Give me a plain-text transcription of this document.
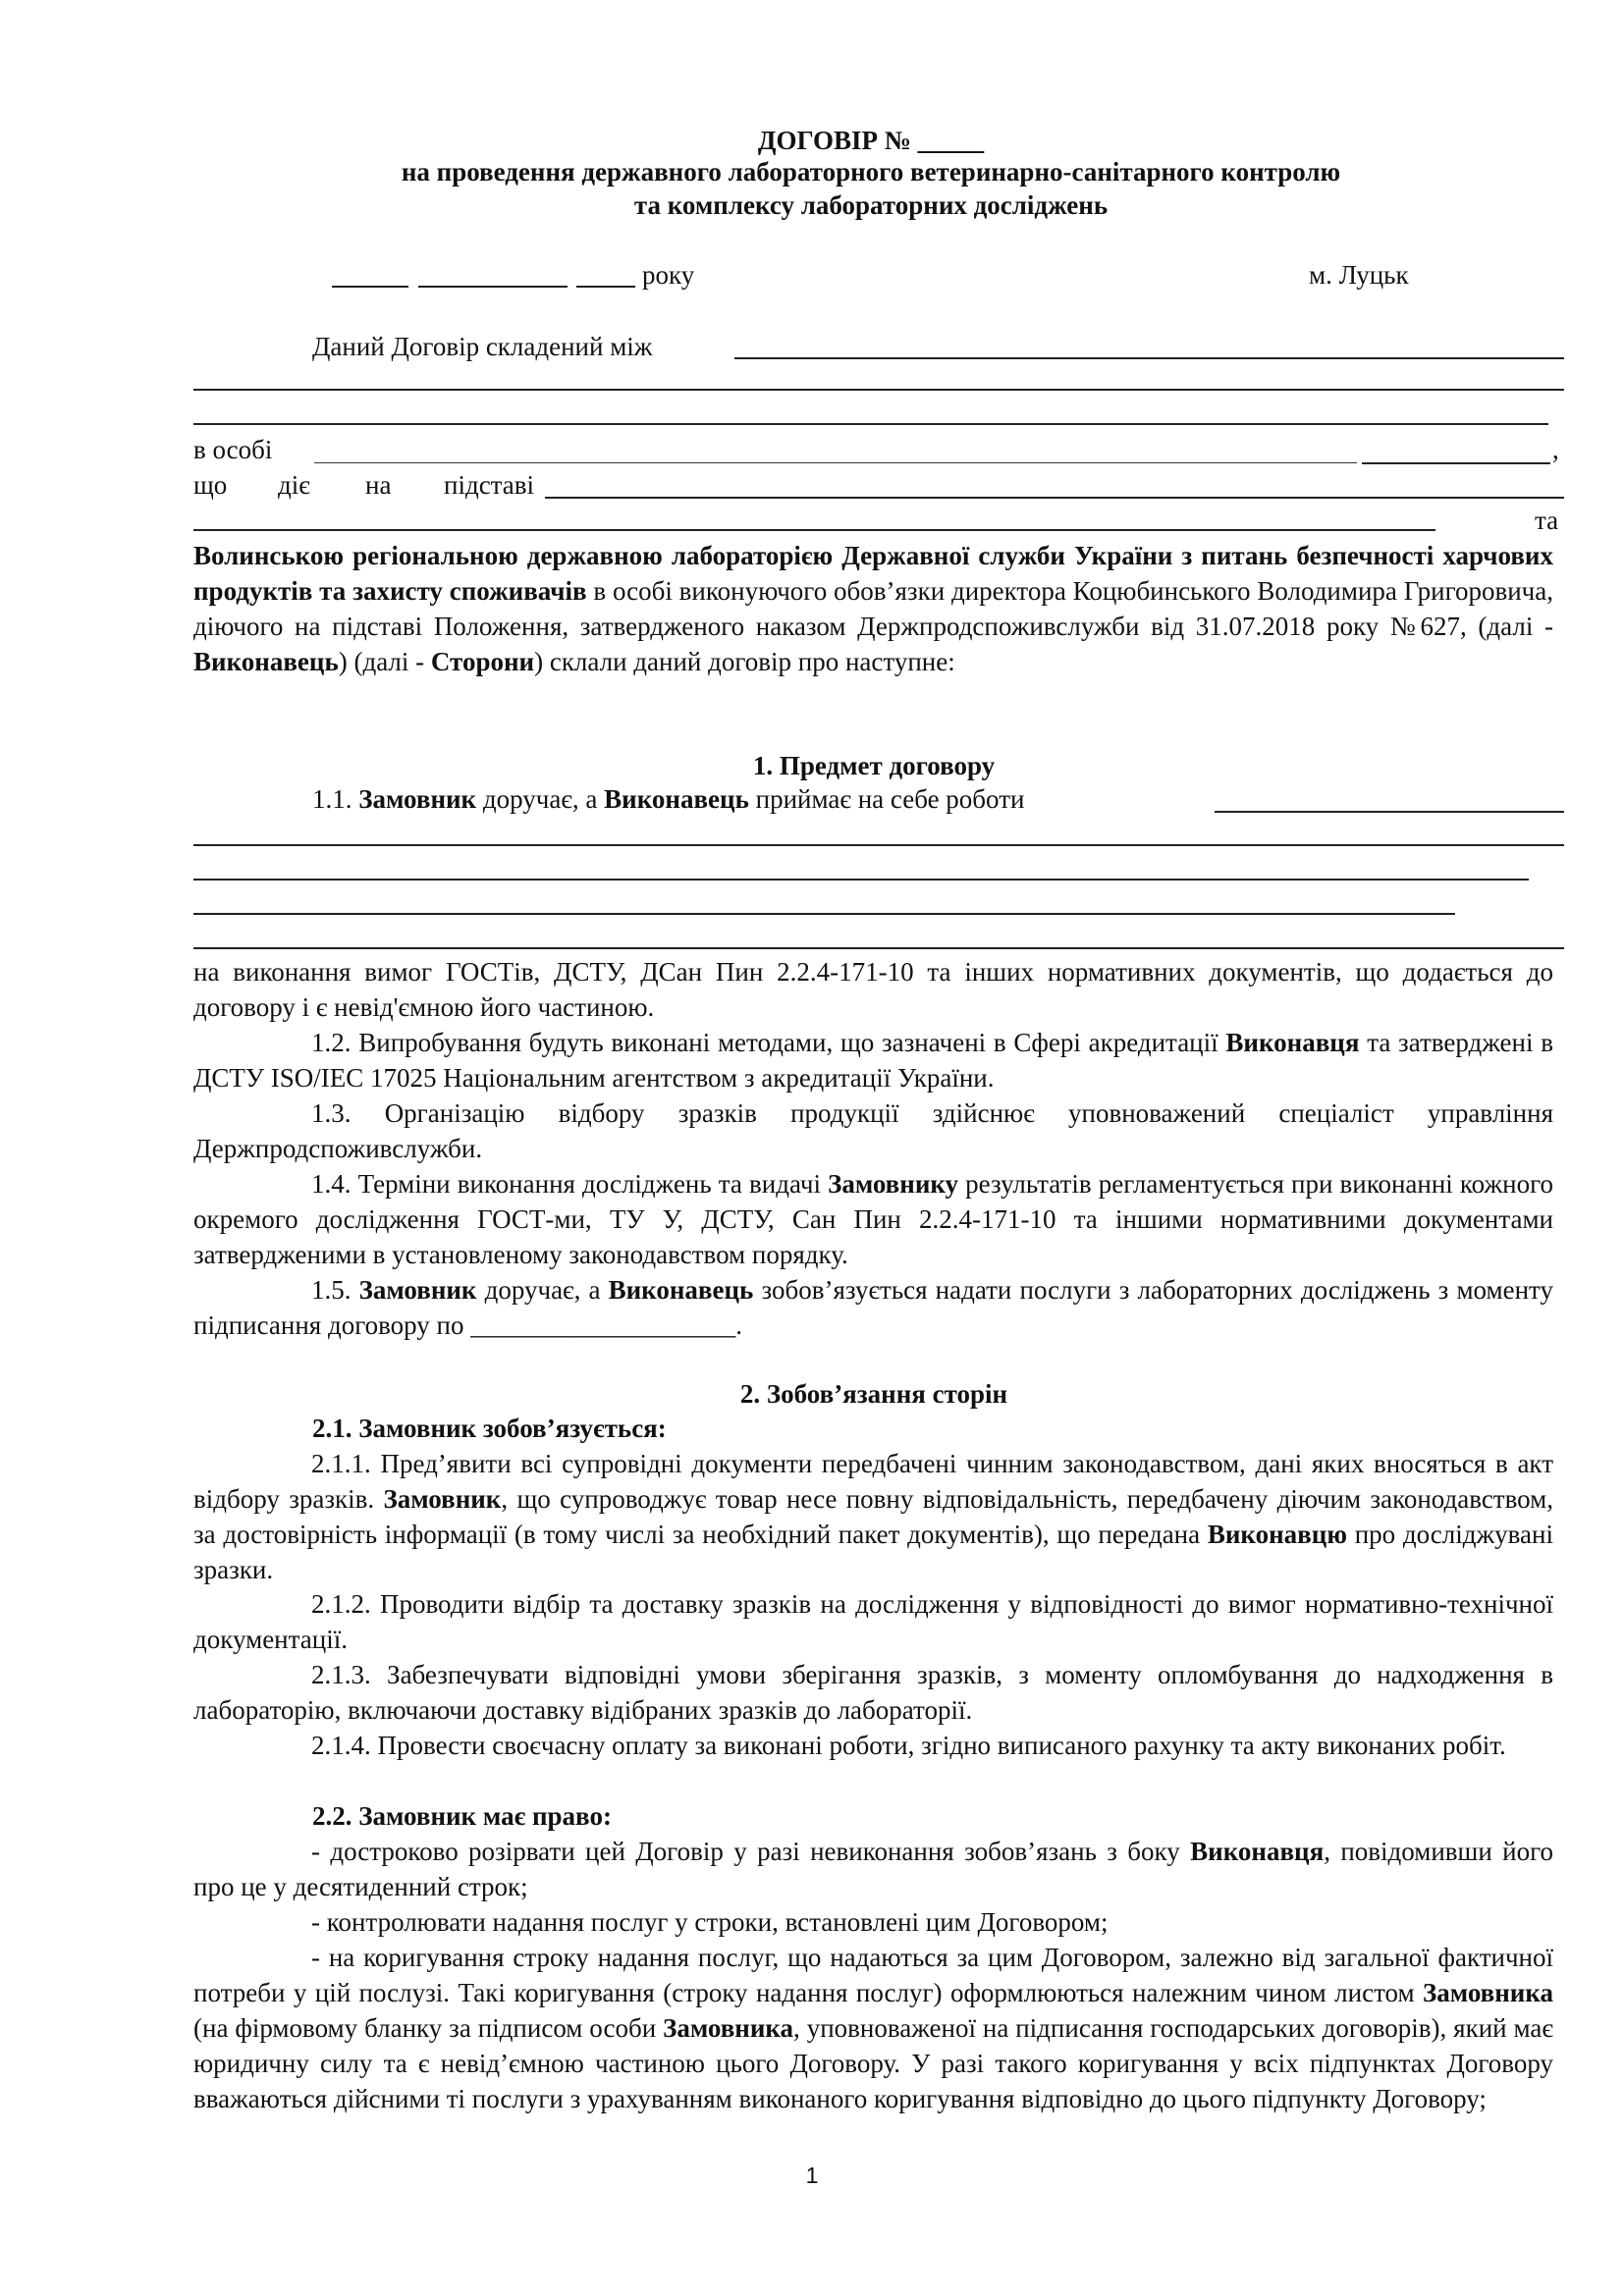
ДОГОВІР № _____
на проведення державного лабораторного ветеринарно-санітарного контролю
та комплексу лабораторних досліджень
року	м. Луцьк
Даний Договір складений між
в особі	,
що діє на підставі
та
Волинською регіональною державною лабораторією Державної служби України з питань безпечності харчових продуктів та захисту споживачів в особі виконуючого обов’язки директора Коцюбинського Володимира Григоровича, діючого на підставі Положення, затвердженого наказом Держпродспоживслужби від 31.07.2018 року №627, (далі - Виконавець) (далі - Сторони) склали даний договір про наступне:
1. Предмет договору
1.1. Замовник доручає, а Виконавець приймає на себе роботи
на виконання вимог ГОСТів, ДСТУ, ДСан Пин 2.2.4-171-10 та інших нормативних документів, що додається до договору і є невід'ємною його частиною.
1.2. Випробування будуть виконані методами, що зазначені в Сфері акредитації Виконавця та затверджені в ДСТУ ISO/IEC 17025 Національним агентством з акредитації України.
1.3. Організацію відбору зразків продукції здійснює уповноважений спеціаліст управління Держпродспоживслужби.
1.4. Терміни виконання досліджень та видачі Замовнику результатів регламентується при виконанні кожного окремого дослідження ГОСТ-ми, ТУ У, ДСТУ, Сан Пин 2.2.4-171-10 та іншими нормативними документами затвердженими в установленому законодавством порядку.
1.5. Замовник доручає, а Виконавець зобов’язується надати послуги з лабораторних досліджень з моменту підписання договору по ____________________.
2. Зобов’язання сторін
2.1. Замовник зобов’язується:
2.1.1. Пред’явити всі супровідні документи передбачені чинним законодавством, дані яких вносяться в акт відбору зразків. Замовник, що супроводжує товар несе повну відповідальність, передбачену діючим законодавством, за достовірність інформації (в тому числі за необхідний пакет документів), що передана Виконавцю про досліджувані зразки.
2.1.2. Проводити відбір та доставку зразків на дослідження у відповідності до вимог нормативно-технічної документації.
2.1.3. Забезпечувати відповідні умови зберігання зразків, з моменту опломбування до надходження в лабораторію, включаючи доставку відібраних зразків до лабораторії.
2.1.4. Провести своєчасну оплату за виконані роботи, згідно виписаного рахунку та акту виконаних робіт.
2.2. Замовник має право:
- достроково розірвати цей Договір у разі невиконання зобов’язань з боку Виконавця, повідомивши його про це у десятиденний строк;
- контролювати надання послуг у строки, встановлені цим Договором;
- на коригування строку надання послуг, що надаються за цим Договором, залежно від загальної фактичної потреби у цій послузі. Такі коригування (строку надання послуг) оформлюються належним чином листом Замовника (на фірмовому бланку за підписом особи Замовника, уповноваженої на підписання господарських договорів), який має юридичну силу та є невід’ємною частиною цього Договору. У разі такого коригування у всіх підпунктах Договору вважаються дійсними ті послуги з урахуванням виконаного коригування відповідно до цього підпункту Договору;
1
